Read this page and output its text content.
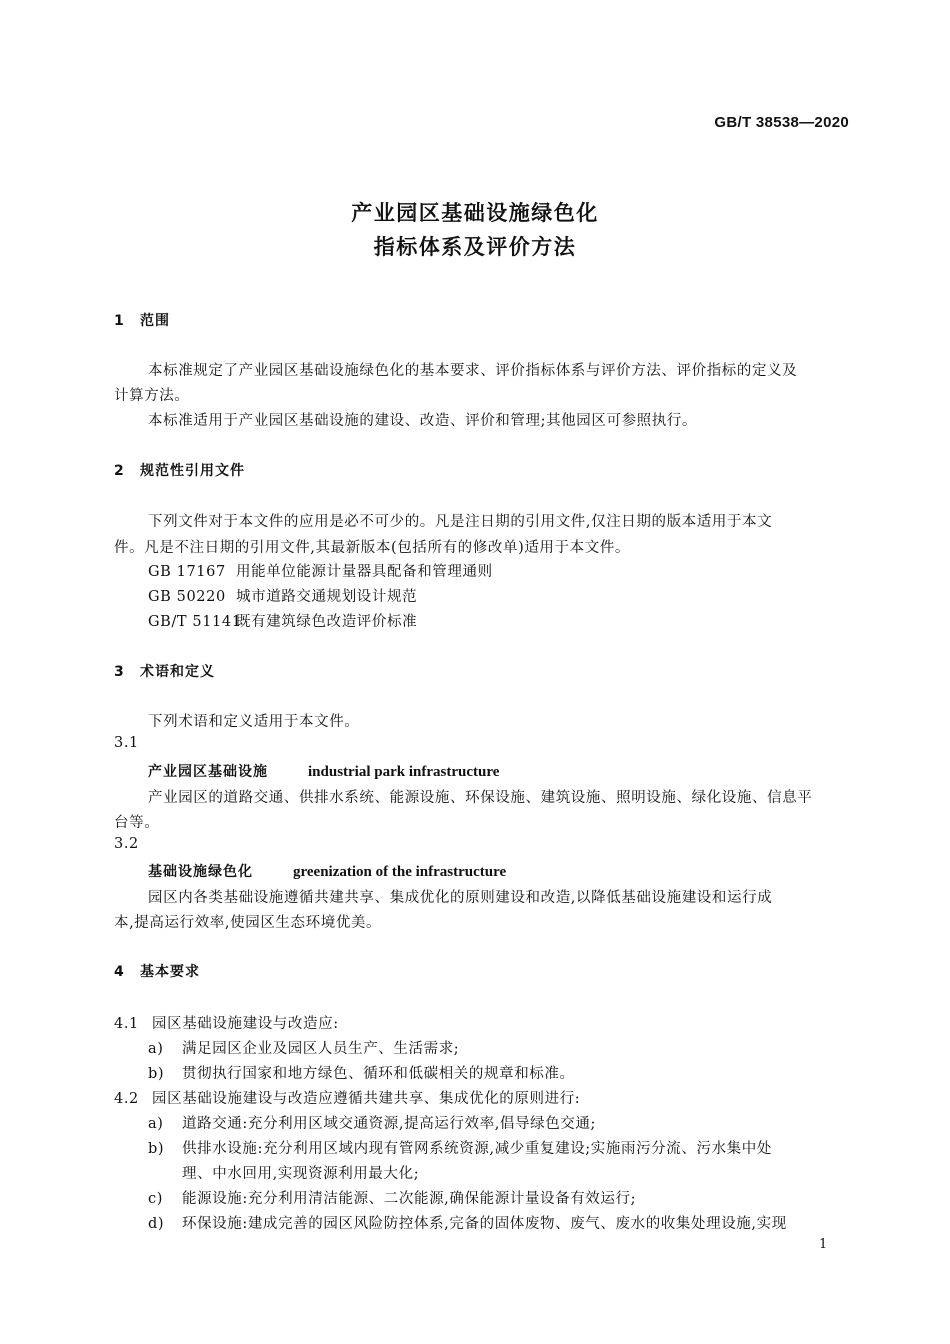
GB/T 38538—2020
产业园区基础设施绿色化
指标体系及评价方法
1 范围
本标准规定了产业园区基础设施绿色化的基本要求、评价指标体系与评价方法、评价指标的定义及
计算方法。
本标准适用于产业园区基础设施的建设、改造、评价和管理;其他园区可参照执行。
2 规范性引用文件
下列文件对于本文件的应用是必不可少的。凡是注日期的引用文件,仅注日期的版本适用于本文
件。凡是不注日期的引用文件,其最新版本(包括所有的修改单)适用于本文件。
GB 17167 用能单位能源计量器具配备和管理通则
GB 50220 城市道路交通规划设计规范
GB/T 51141既有建筑绿色改造评价标准
3 术语和定义
下列术语和定义适用于本文件。
3.1
产业园区基础设施	industrial park infrastructure
产业园区的道路交通、供排水系统、能源设施、环保设施、建筑设施、照明设施、绿化设施、信息平
台等。
3.2
基础设施绿色化	greenization of the infrastructure
园区内各类基础设施遵循共建共享、集成优化的原则建设和改造,以降低基础设施建设和运行成
本,提高运行效率,使园区生态环境优美。
4 基本要求
4.1 园区基础设施建设与改造应:
a) 满足园区企业及园区人员生产、生活需求;
b) 贯彻执行国家和地方绿色、循环和低碳相关的规章和标准。
4.2 园区基础设施建设与改造应遵循共建共享、集成优化的原则进行:
a) 道路交通:充分利用区域交通资源,提高运行效率,倡导绿色交通;
b) 供排水设施:充分利用区域内现有管网系统资源,减少重复建设;实施雨污分流、污水集中处
理、中水回用,实现资源利用最大化;
c) 能源设施:充分利用清洁能源、二次能源,确保能源计量设备有效运行;
d) 环保设施:建成完善的园区风险防控体系,完备的固体废物、废气、废水的收集处理设施,实现
1
